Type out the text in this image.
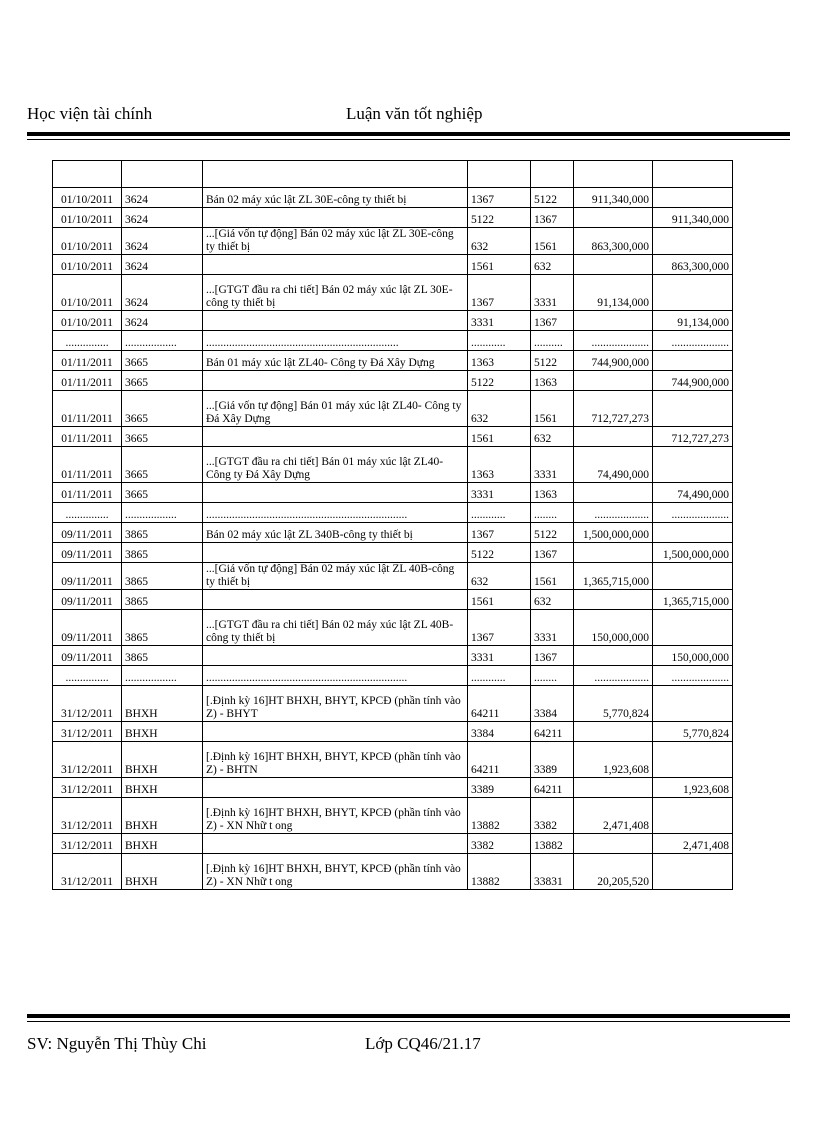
Học viện tài chính	Luận văn tốt nghiệp

01/10/2011	3624	Bán 02 máy xúc lật ZL 30E-công ty thiết bị	1367	5122	911,340,000	
01/10/2011	3624		5122	1367		911,340,000
01/10/2011	3624	...[Giá vốn tự động] Bán 02 máy xúc lật ZL 30E-công ty thiết bị	632	1561	863,300,000	
01/10/2011	3624		1561	632		863,300,000
01/10/2011	3624	...[GTGT đầu ra chi tiết] Bán 02 máy xúc lật ZL 30E-công ty thiết bị	1367	3331	91,134,000	
01/10/2011	3624		3331	1367		91,134,000
...............	..................	...................................................................	............	..........	....................	....................
01/11/2011	3665	Bán 01 máy xúc lật ZL40- Công ty Đá Xây Dựng	1363	5122	744,900,000	
01/11/2011	3665		5122	1363		744,900,000
01/11/2011	3665	...[Giá vốn tự động] Bán 01 máy xúc lật ZL40- Công ty Đá Xây Dựng	632	1561	712,727,273	
01/11/2011	3665		1561	632		712,727,273
01/11/2011	3665	...[GTGT đầu ra chi tiết] Bán 01 máy xúc lật ZL40- Công ty Đá Xây Dựng	1363	3331	74,490,000	
01/11/2011	3665		3331	1363		74,490,000
...............	..................	......................................................................	............	........	...................	....................
09/11/2011	3865	Bán 02 máy xúc lật ZL 340B-công ty thiết bị	1367	5122	1,500,000,000	
09/11/2011	3865		5122	1367		1,500,000,000
09/11/2011	3865	...[Giá vốn tự động] Bán 02 máy xúc lật ZL 40B-công ty thiết bị	632	1561	1,365,715,000	
09/11/2011	3865		1561	632		1,365,715,000
09/11/2011	3865	...[GTGT đầu ra chi tiết] Bán 02 máy xúc lật ZL 40B-công ty thiết bị	1367	3331	150,000,000	
09/11/2011	3865		3331	1367		150,000,000
...............	..................	......................................................................	............	........	...................	....................
31/12/2011	BHXH	[.Định kỳ 16]HT BHXH, BHYT, KPCĐ (phần tính vào Z) - BHYT	64211	3384	5,770,824	
31/12/2011	BHXH		3384	64211		5,770,824
31/12/2011	BHXH	[.Định kỳ 16]HT BHXH, BHYT, KPCĐ (phần tính vào Z) - BHTN	64211	3389	1,923,608	
31/12/2011	BHXH		3389	64211		1,923,608
31/12/2011	BHXH	[.Định kỳ 16]HT BHXH, BHYT, KPCĐ (phần tính vào Z) - XN Nhữ t ong	13882	3382	2,471,408	
31/12/2011	BHXH		3382	13882		2,471,408
31/12/2011	BHXH	[.Định kỳ 16]HT BHXH, BHYT, KPCĐ (phần tính vào Z) - XN Nhữ t ong	13882	33831	20,205,520	
SV: Nguyễn Thị Thùy Chi	Lớp CQ46/21.17
